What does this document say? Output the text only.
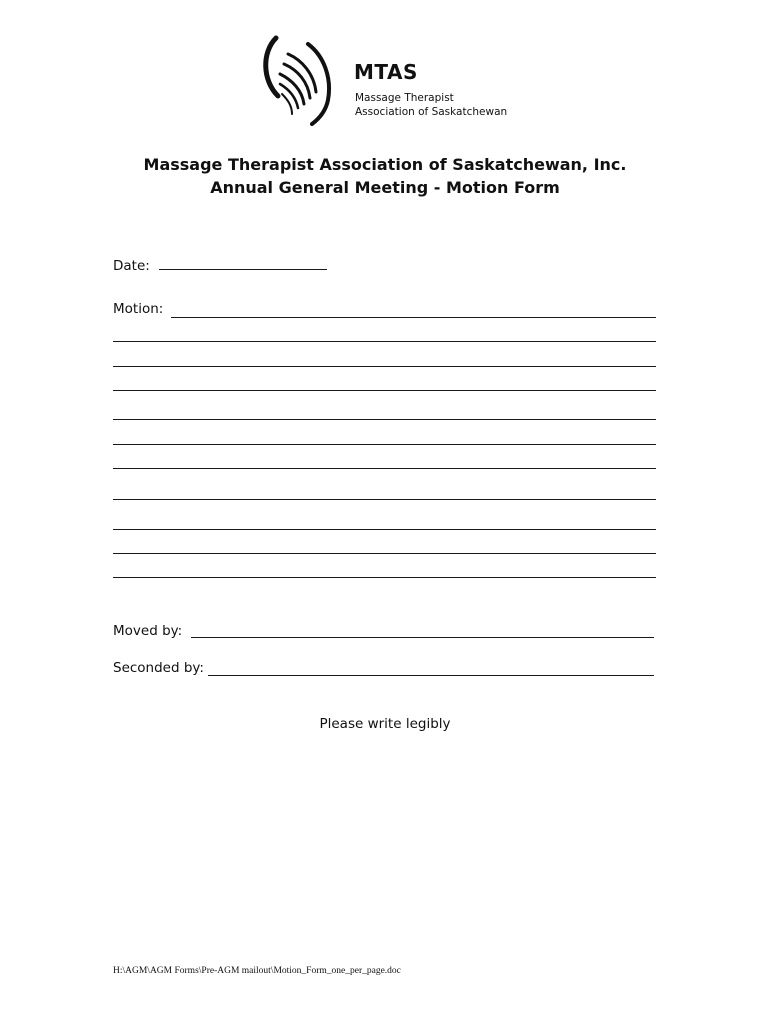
MTAS
Massage Therapist
Association of Saskatchewan
Massage Therapist Association of Saskatchewan, Inc.
Annual General Meeting - Motion Form
Date:
Motion:
Moved by:
Seconded by:
Please write legibly
H:\AGM\AGM Forms\Pre-AGM mailout\Motion_Form_one_per_page.doc
